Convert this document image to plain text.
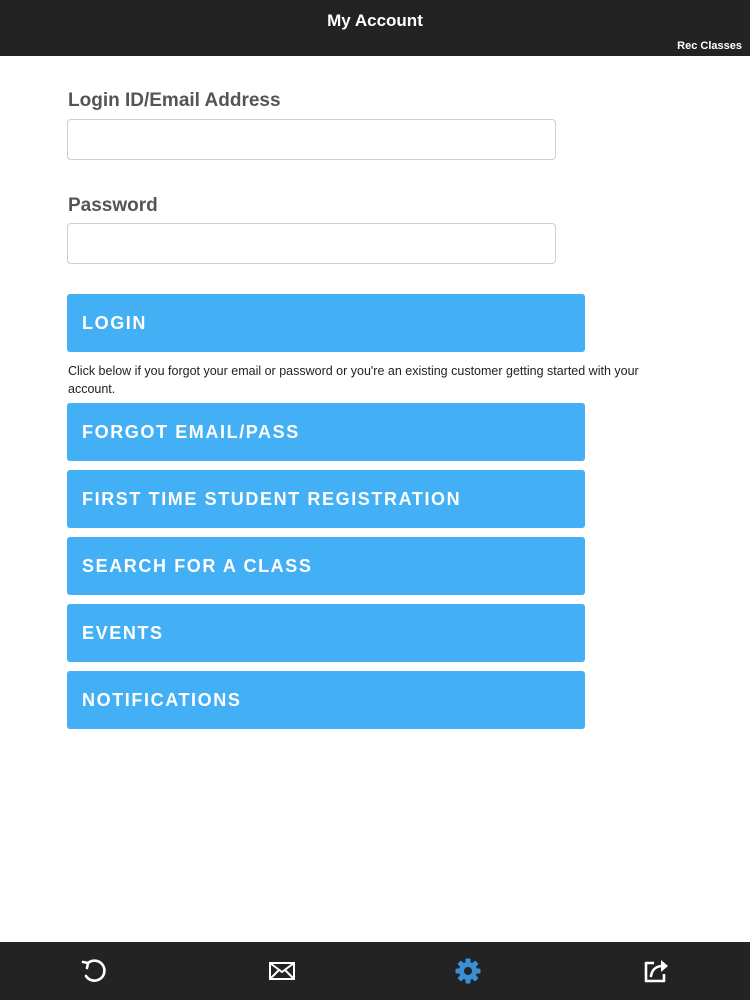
My Account
Rec Classes
Login ID/Email Address
Password
LOGIN
Click below if you forgot your email or password or you're an existing customer getting started with your account.
FORGOT EMAIL/PASS
FIRST TIME STUDENT REGISTRATION
SEARCH FOR A CLASS
EVENTS
NOTIFICATIONS
